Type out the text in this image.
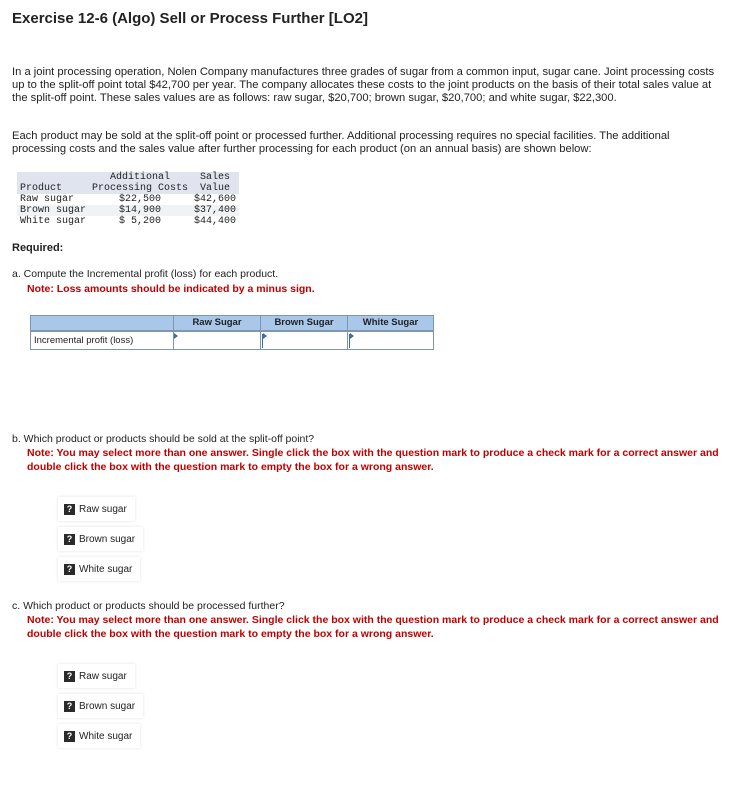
Exercise 12-6 (Algo) Sell or Process Further [LO2]
In a joint processing operation, Nolen Company manufactures three grades of sugar from a common input, sugar cane. Joint processing costs up to the split-off point total $42,700 per year. The company allocates these costs to the joint products on the basis of their total sales value at the split-off point. These sales values are as follows: raw sugar, $20,700; brown sugar, $20,700; and white sugar, $22,300.
Each product may be sold at the split-off point or processed further. Additional processing requires no special facilities. The additional processing costs and the sales value after further processing for each product (on an annual basis) are shown below:
	Additional	Sales
Product	Processing Costs	Value
Raw sugar	$22,500	$42,600
Brown sugar	$14,900	$37,400
White sugar	$ 5,200	$44,400
Required:
a. Compute the Incremental profit (loss) for each product.
Note: Loss amounts should be indicated by a minus sign.
Raw Sugar	Brown Sugar	White Sugar
Incremental profit (loss)
b. Which product or products should be sold at the split-off point?
Note: You may select more than one answer. Single click the box with the question mark to produce a check mark for a correct answer and double click the box with the question mark to empty the box for a wrong answer.
? Raw sugar
? Brown sugar
? White sugar
c. Which product or products should be processed further?
Note: You may select more than one answer. Single click the box with the question mark to produce a check mark for a correct answer and double click the box with the question mark to empty the box for a wrong answer.
? Raw sugar
? Brown sugar
? White sugar
